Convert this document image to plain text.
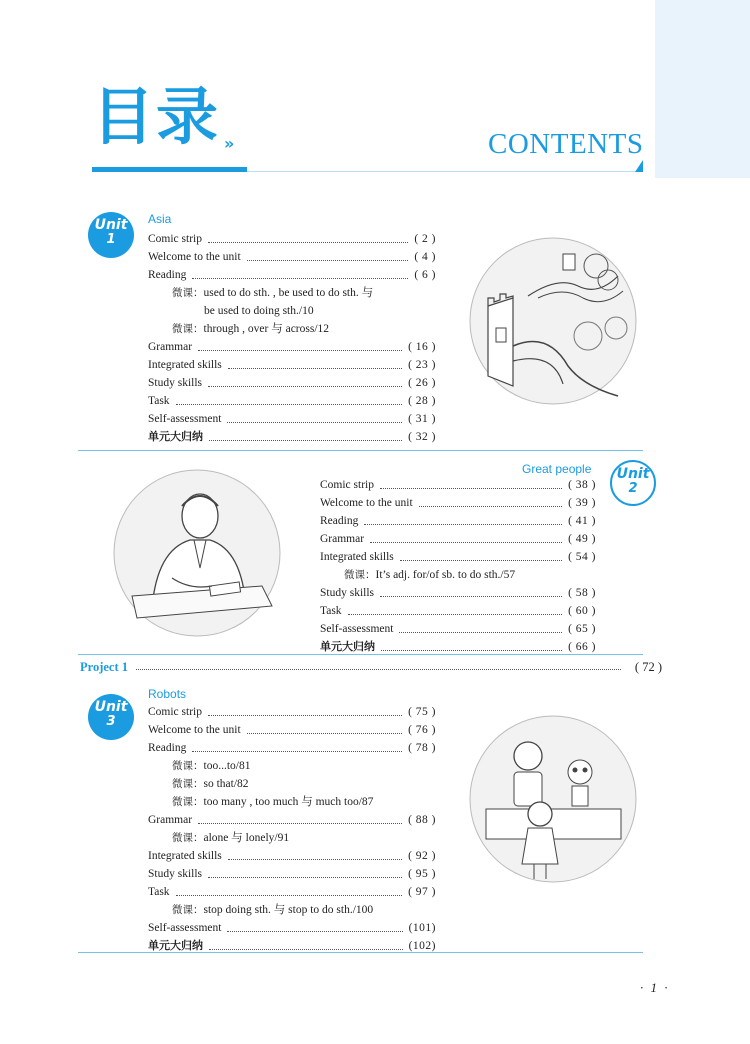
目录 »	CONTENTS
Unit
1
Asia
Comic strip	( 2 )
Welcome to the unit	( 4 )
Reading	( 6 )
微课：used to do sth. , be used to do sth. 与
be used to doing sth./10
微课：through , over 与 across/12
Grammar	( 16 )
Integrated skills	( 23 )
Study skills	( 26 )
Task	( 28 )
Self-assessment	( 31 )
单元大归纳	( 32 )
Great people	Unit
2
Comic strip	( 38 )
Welcome to the unit	( 39 )
Reading	( 41 )
Grammar	( 49 )
Integrated skills	( 54 )
微课：It’s adj. for/of sb. to do sth./57
Study skills	( 58 )
Task	( 60 )
Self-assessment	( 65 )
单元大归纳	( 66 )
Project 1	( 72 )
Unit
3
Robots
Comic strip	( 75 )
Welcome to the unit	( 76 )
Reading	( 78 )
微课：too...to/81
微课：so that/82
微课：too many , too much 与 much too/87
Grammar	( 88 )
微课：alone 与 lonely/91
Integrated skills	( 92 )
Study skills	( 95 )
Task	( 97 )
微课：stop doing sth. 与 stop to do sth./100
Self-assessment	(101)
单元大归纳	(102)
· 1 ·
